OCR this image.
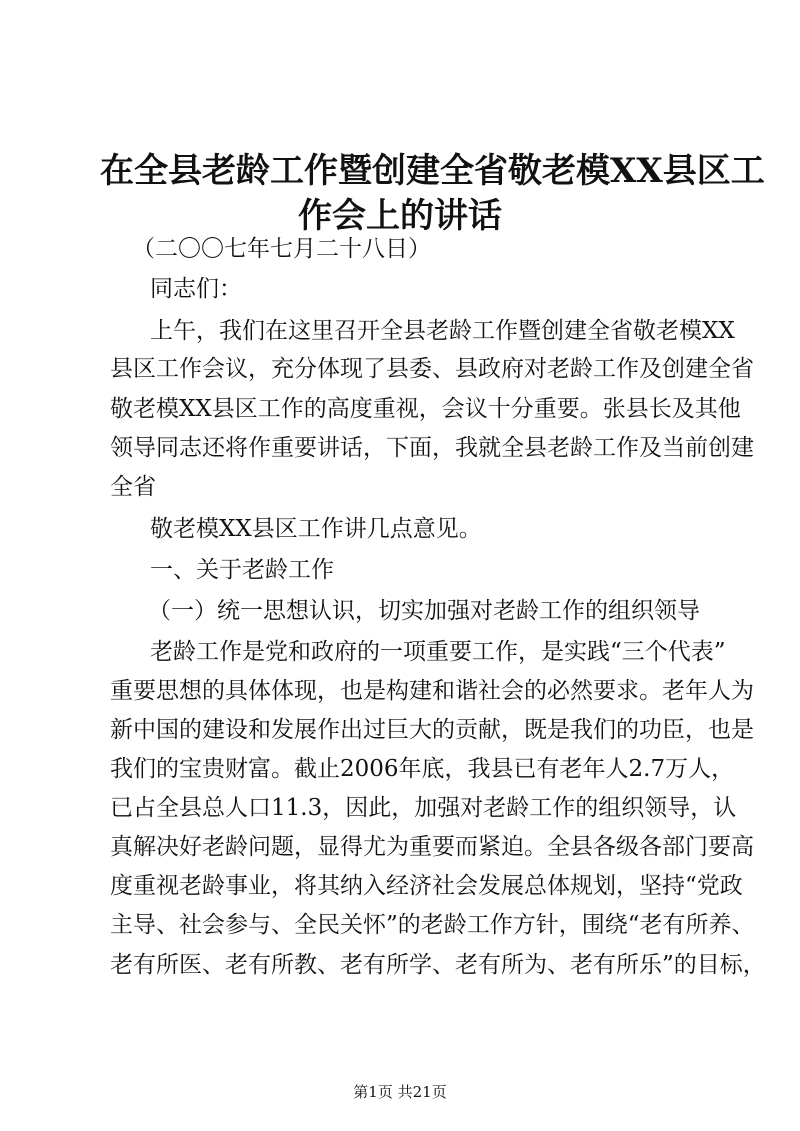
在全县老龄工作暨创建全省敬老模XX县区工
作会上的讲话
（二〇〇七年七月二十八日）
同志们：
上午，我们在这里召开全县老龄工作暨创建全省敬老模XX
县区工作会议，充分体现了县委、县政府对老龄工作及创建全省
敬老模XX县区工作的高度重视，会议十分重要。张县长及其他
领导同志还将作重要讲话，下面，我就全县老龄工作及当前创建
全省
敬老模XX县区工作讲几点意见。
一、关于老龄工作
（一）统一思想认识，切实加强对老龄工作的组织领导
老龄工作是党和政府的一项重要工作，是实践“三个代表”
重要思想的具体体现，也是构建和谐社会的必然要求。老年人为
新中国的建设和发展作出过巨大的贡献，既是我们的功臣，也是
我们的宝贵财富。截止2006年底，我县已有老年人2.7万人，
已占全县总人口11.3，因此，加强对老龄工作的组织领导，认
真解决好老龄问题，显得尤为重要而紧迫。全县各级各部门要高
度重视老龄事业，将其纳入经济社会发展总体规划，坚持“党政
主导、社会参与、全民关怀”的老龄工作方针，围绕“老有所养、
老有所医、老有所教、老有所学、老有所为、老有所乐”的目标，
第1页 共21页
